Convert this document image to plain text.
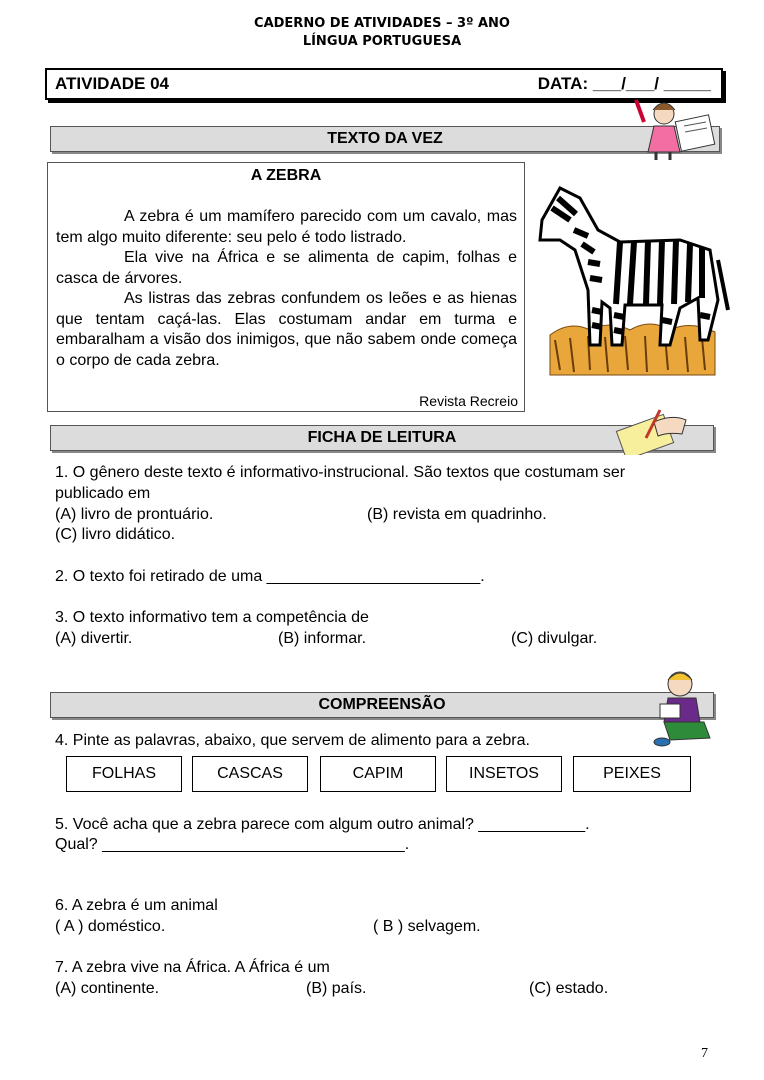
CADERNO DE ATIVIDADES – 3º ANO
LÍNGUA PORTUGUESA
ATIVIDADE 04	DATA: ___/___/ _____
TEXTO DA VEZ
A ZEBRA

A zebra é um mamífero parecido com um cavalo, mas tem algo muito diferente: seu pelo é todo listrado.

Ela vive na África e se alimenta de capim, folhas e casca de árvores.

As listras das zebras confundem os leões e as hienas que tentam caçá-las. Elas costumam andar em turma e embaralham a visão dos inimigos, que não sabem onde começa o corpo de cada zebra.

Revista Recreio
FICHA DE LEITURA
1. O gênero deste texto é informativo-instrucional. São textos que costumam ser
publicado em
(A) livro de prontuário.	(B) revista em quadrinho.
(C) livro didático.
2. O texto foi retirado de uma ________________________.
3. O texto informativo tem a competência de
(A) divertir.	(B) informar.	(C) divulgar.
COMPREENSÃO
4. Pinte as palavras, abaixo, que servem de alimento para a zebra.
FOLHAS	CASCAS	CAPIM	INSETOS	PEIXES
5. Você acha que a zebra parece com algum outro animal? ____________.
Qual? __________________________________.
6. A zebra é um animal
( A ) doméstico.	( B ) selvagem.
7. A zebra vive na África. A África é um
(A) continente.	(B) país.	(C) estado.
7
